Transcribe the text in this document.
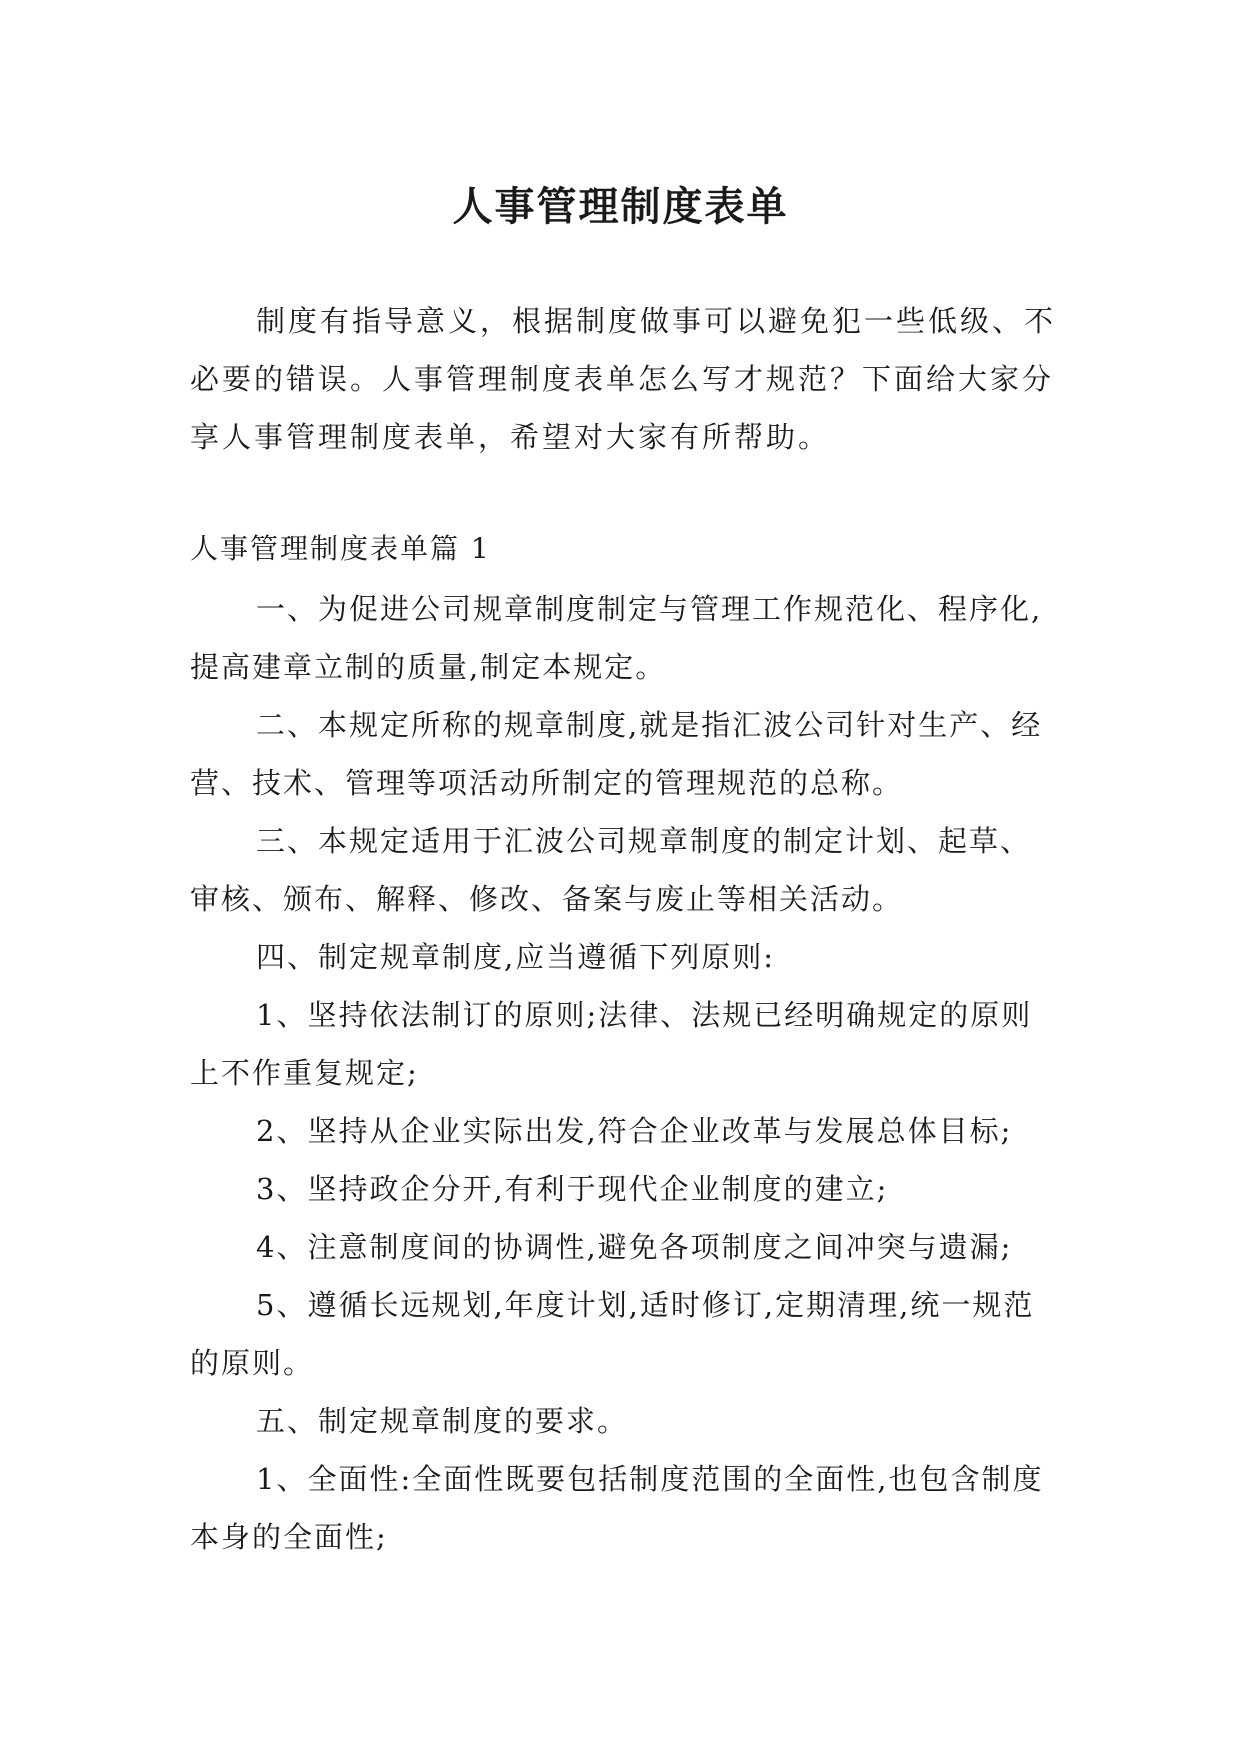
人事管理制度表单

制度有指导意义，根据制度做事可以避免犯一些低级、不必要的错误。人事管理制度表单怎么写才规范？下面给大家分享人事管理制度表单，希望对大家有所帮助。

人事管理制度表单篇 1

一、为促进公司规章制度制定与管理工作规范化、程序化,提高建章立制的质量,制定本规定。

二、本规定所称的规章制度,就是指汇波公司针对生产、经营、技术、管理等项活动所制定的管理规范的总称。

三、本规定适用于汇波公司规章制度的制定计划、起草、审核、颁布、解释、修改、备案与废止等相关活动。

四、制定规章制度,应当遵循下列原则:

1、坚持依法制订的原则;法律、法规已经明确规定的原则上不作重复规定;

2、坚持从企业实际出发,符合企业改革与发展总体目标;

3、坚持政企分开,有利于现代企业制度的建立;

4、注意制度间的协调性,避免各项制度之间冲突与遗漏;

5、遵循长远规划,年度计划,适时修订,定期清理,统一规范的原则。

五、制定规章制度的要求。

1、全面性:全面性既要包括制度范围的全面性,也包含制度本身的全面性;
